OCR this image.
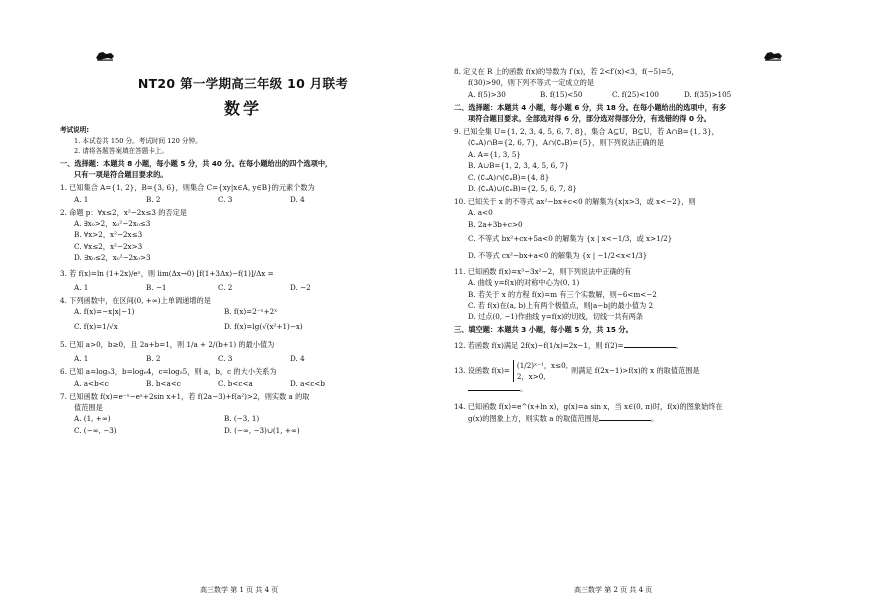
NT20 第一学期高三年级 10 月联考
数学
考试说明:
1. 本试卷共 150 分。考试时间 120 分钟。
2. 请将各题答案填在答题卡上。
一、选择题：本题共 8 小题，每小题 5 分，共 40 分。在每小题给出的四个选项中，
只有一项是符合题目要求的。
1. 已知集合 A={1, 2}，B={3, 6}，则集合 C={xy|x∈A, y∈B}的元素个数为
A. 1	B. 2	C. 3	D. 4
2. 命题 p：∀x≤2，x²−2x≤3 的否定是
A. ∃x₀>2，x₀²−2x₀≤3
B. ∀x>2，x²−2x≤3
C. ∀x≤2，x²−2x>3
D. ∃x₀≤2，x₀²−2x₀>3
3. 若 f(x)=ln (1+2x)/eˣ，则 lim(Δx→0) [f(1+3Δx)−f(1)]/Δx =
A. 1	B. −1	C. 2	D. −2
4. 下列函数中，在区间(0, +∞)上单调递增的是
A. f(x)=−x|x|−1)	B. f(x)=2⁻ˣ+2ˣ
C. f(x)=1/√x	D. f(x)=lg(√(x²+1)−x)
5. 已知 a>0，b≥0，且 2a+b=1，则 1/a + 2/(b+1) 的最小值为
A. 1	B. 2	C. 3	D. 4
6. 已知 a=log₅3，b=log₆4，c=log₅5，则 a，b，c 的大小关系为
A. a<b<c	B. b<a<c	C. b<c<a	D. a<c<b
7. 已知函数 f(x)=e⁻ˣ−eˣ+2sin x+1，若 f(2a−3)+f(a²)>2，则实数 a 的取
值范围是
A. (1, +∞)	B. (−3, 1)
C. (−∞, −3)	D. (−∞, −3)∪(1, +∞)
高三数学 第 1 页 共 4 页
8. 定义在 R 上的函数 f(x)的导数为 f′(x)，若 2<f′(x)<3，f(−5)=5，
f(30)>90，则下列不等式一定成立的是
A. f(5)>30	B. f(15)<50	C. f(25)<100	D. f(35)>105
二、选择题：本题共 4 小题，每小题 6 分，共 18 分。在每小题给出的选项中，有多
项符合题目要求。全部选对得 6 分，部分选对得部分分，有选错的得 0 分。
9. 已知全集 U={1, 2, 3, 4, 5, 6, 7, 8}，集合 A⊆U，B⊆U，若 A∩B={1, 3}，
(∁ᵤA)∩B={2, 6, 7}，A∩(∁ᵤB)={5}，则下列说法正确的是
A. A={1, 3, 5}
B. A∪B={1, 2, 3, 4, 5, 6, 7}
C. (∁ᵤA)∩(∁ᵤB)={4, 8}
D. (∁ᵤA)∪(∁ᵤB)={2, 5, 6, 7, 8}
10. 已知关于 x 的不等式 ax²−bx+c<0 的解集为{x|x>3，或 x<−2}，则
A. a<0
B. 2a+3b+c>0
C. 不等式 bx²+cx+5a<0 的解集为 {x | x<−1/3，或 x>1/2}
D. 不等式 cx²−bx+a<0 的解集为 {x | −1/2<x<1/3}
11. 已知函数 f(x)=x³−3x²−2，则下列说法中正确的有
A. 曲线 y=f(x)的对称中心为(0, 1)
B. 若关于 x 的方程 f(x)=m 有三个实数解，则−6<m<−2
C. 若 f(x)在(a, b)上有两个极值点，则|a−b|的最小值为 2
D. 过点(0, −1)作曲线 y=f(x)的切线，切线一共有两条
三、填空题：本题共 3 小题，每小题 5 分，共 15 分。
12. 若函数 f(x)满足 2f(x)−f(1/x)=2x−1，则 f(2)=	。
13. 设函数 f(x)=
(1/2)ˣ⁻¹，x≤0,
2，x>0,
则满足 f(2x−1)>f(x)的 x 的取值范围是
。
14. 已知函数 f(x)=e^(x+ln x)，g(x)=a sin x，当 x∈(0, π)时，f(x)的图象始终在
g(x)的图象上方，则实数 a 的取值范围是	。
高三数学 第 2 页 共 4 页
